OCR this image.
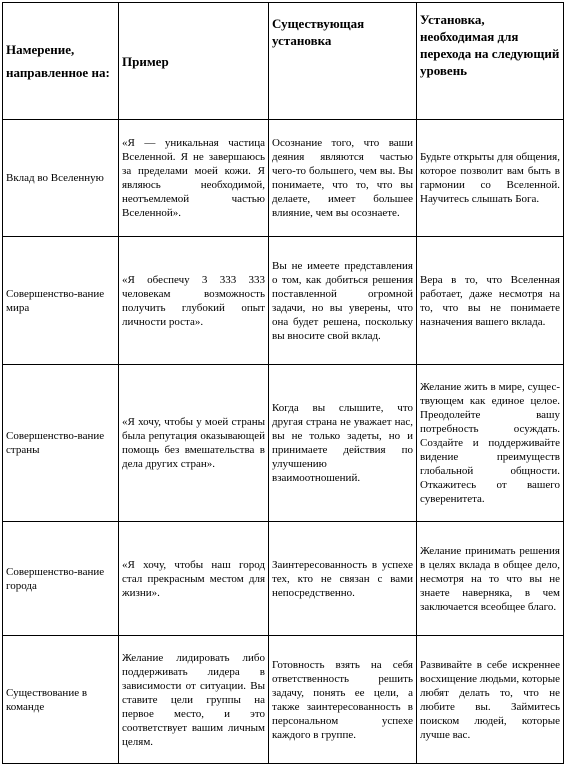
Намерение,
направленное на:	Пример	Существующая установка	Установка, необходимая для перехода на следующий уровень
Вклад во Вселенную	«Я — уникальная частица Вселенной. Я не завершаюсь за пределами моей кожи. Я являюсь необходимой, неотъемлемой частью Вселенной».	Осознание того, что ваши деяния являются частью чего-то большего, чем вы. Вы понимаете, что то, что вы делаете, имеет большее влияние, чем вы осознаете.	Будьте открыты для общения, которое позволит вам быть в гармонии со Вселенной. Научитесь слышать Бога.
Совершенство-вание мира	«Я обеспечу 3 333 333 человекам возможность получить глубокий опыт личности роста».	Вы не имеете представления о том, как добиться решения поставленной огромной задачи, но вы уверены, что она будет решена, поскольку вы вносите свой вклад.	Вера в то, что Вселенная работает, даже несмотря на то, что вы не понимаете назначения вашего вклада.
Совершенство-вание страны	«Я хочу, чтобы у моей страны была репутация оказывающей помощь без вмешательства в дела других стран».	Когда вы слышите, что другая страна не уважает нас, вы не только задеты, но и принимаете действия по улучшению взаимоотношений.	Желание жить в мире, сущес- твующем как единое целое. Преодолейте вашу потребность осуждать. Создайте и поддерживайте видение преимуществ глобальной общности. Откажитесь от вашего суверенитета.
Совершенство-вание города	«Я хочу, чтобы наш город стал прекрасным местом для жизни».	Заинтересованность в успехе тех, кто не связан с вами непосредственно.	Желание принимать решения в целях вклада в общее дело, несмотря на то что вы не знаете наверняка, в чем заключается всеобщее благо.
Существование в команде	Желание лидировать либо поддерживать лидера в зависимости от ситуации. Вы ставите цели группы на первое место, и это соответствует вашим личным целям.	Готовность взять на себя ответственность решить задачу, понять ее цели, а также заинтересованность в персональном успехе каждого в группе.	Развивайте в себе искреннее восхищение людьми, которые любят делать то, что не любите вы. Займитесь поиском людей, которые лучше вас.
